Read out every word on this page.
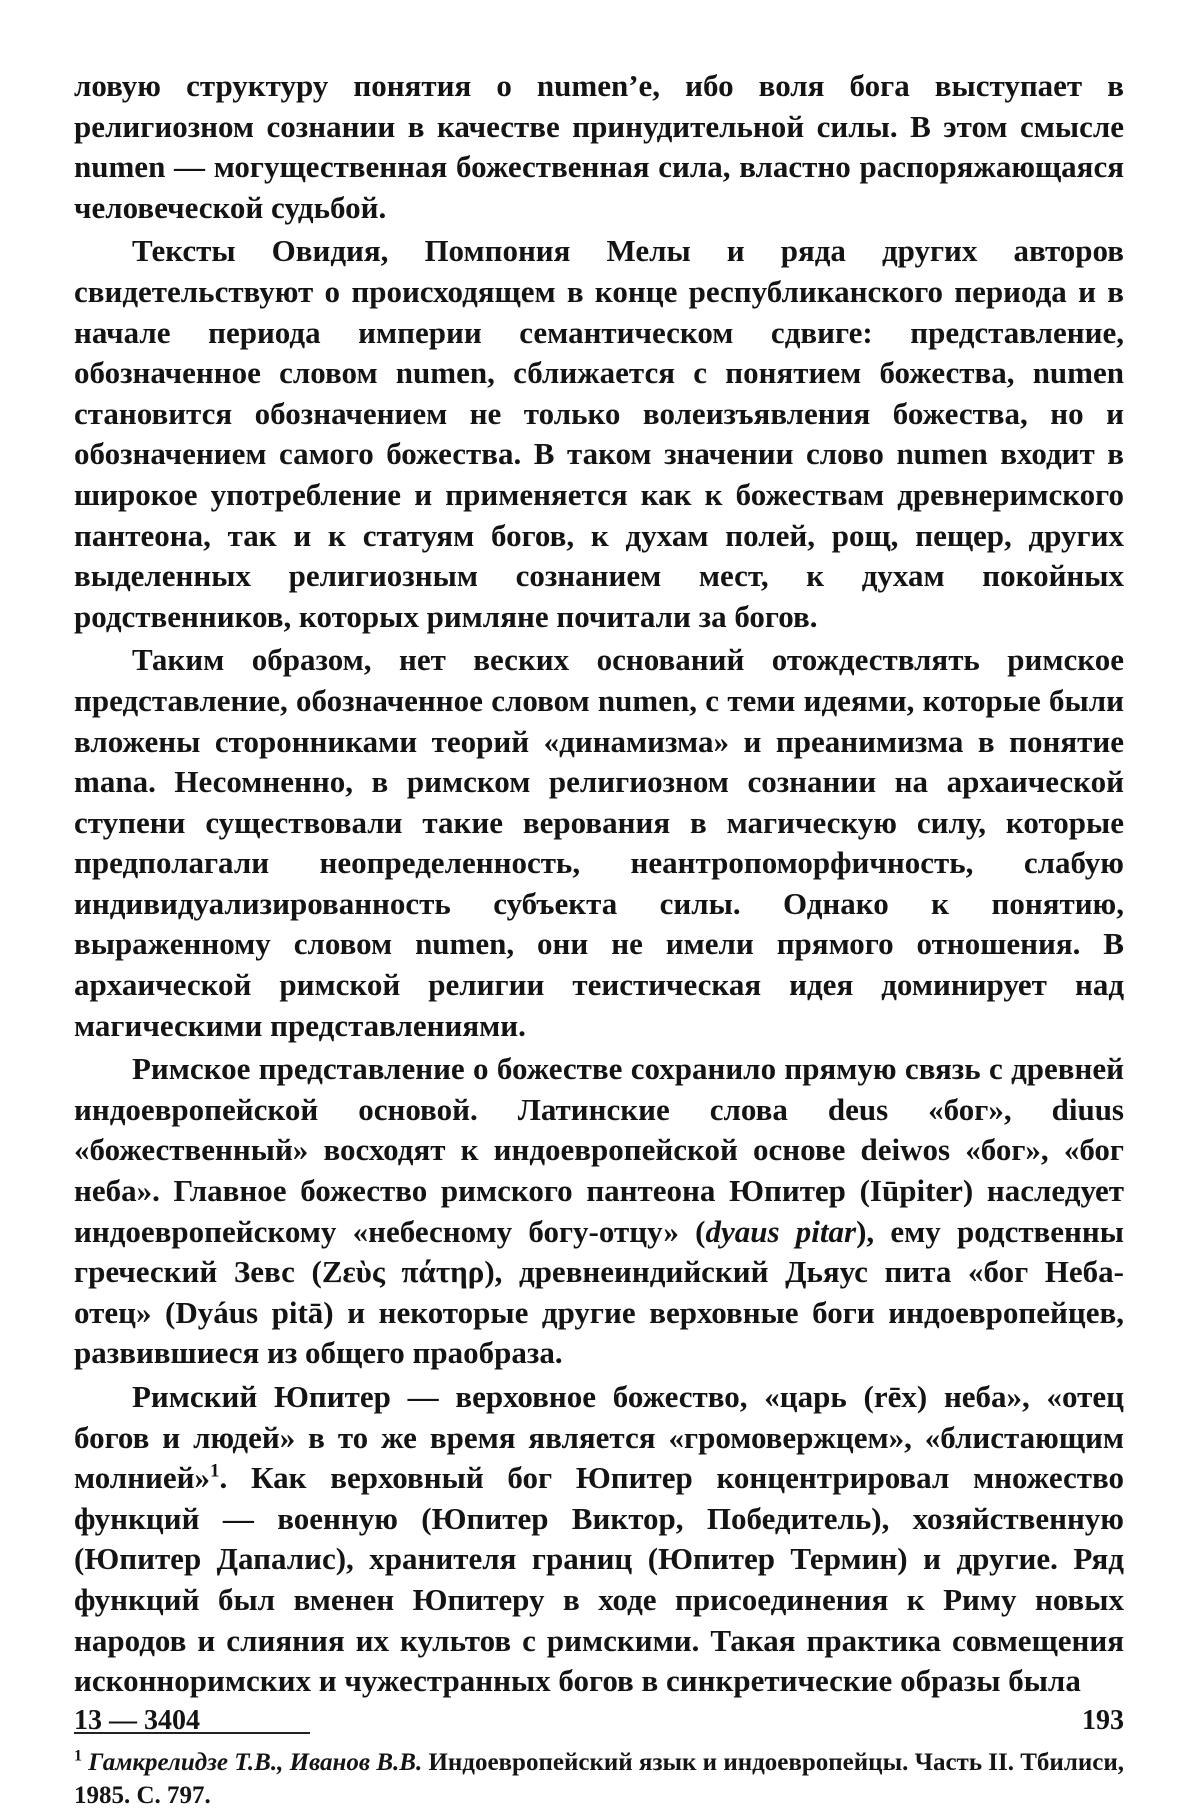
ловую структуру понятия о numen’е, ибо воля бога выступает в религиозном сознании в качестве принудительной силы. В этом смысле numen — могущественная божественная сила, властно распоряжающаяся человеческой судьбой.

Тексты Овидия, Помпония Мелы и ряда других авторов свидетельствуют о происходящем в конце республиканского периода и в начале периода империи семантическом сдвиге: представление, обозначенное словом numen, сближается с понятием божества, numen становится обозначением не только волеизъявления божества, но и обозначением самого божества. В таком значении слово numen входит в широкое употребление и применяется как к божествам древнеримского пантеона, так и к статуям богов, к духам полей, рощ, пещер, других выделенных религиозным сознанием мест, к духам покойных родственников, которых римляне почитали за богов.

Таким образом, нет веских оснований отождествлять римское представление, обозначенное словом numen, с теми идеями, которые были вложены сторонниками теорий «динамизма» и преанимизма в понятие mana. Несомненно, в римском религиозном сознании на архаической ступени существовали такие верования в магическую силу, которые предполагали неопределенность, неантропоморфичность, слабую индивидуализированность субъекта силы. Однако к понятию, выраженному словом numen, они не имели прямого отношения. В архаической римской религии теистическая идея доминирует над магическими представлениями.

Римское представление о божестве сохранило прямую связь с древней индоевропейской основой. Латинские слова deus «бог», diuus «божественный» восходят к индоевропейской основе deiwos «бог», «бог неба». Главное божество римского пантеона Юпитер (Iūpiter) наследует индоевропейскому «небесному богу-отцу» (dyaus pitar), ему родственны греческий Зевс (Ζεὺς πάτηρ), древнеиндийский Дьяус пита «бог Неба-отец» (Dyáus pitā) и некоторые другие верховные боги индоевропейцев, развившиеся из общего праобраза.

Римский Юпитер — верховное божество, «царь (rēx) неба», «отец богов и людей» в то же время является «громовержцем», «блистающим молнией»$^1$. Как верховный бог Юпитер концентрировал множество функций — военную (Юпитер Виктор, Победитель), хозяйственную (Юпитер Дапалис), хранителя границ (Юпитер Термин) и другие. Ряд функций был вменен Юпитеру в ходе присоединения к Риму новых народов и слияния их культов с римскими. Такая практика совмещения исконноримских и чужестранных богов в синкретические образы была

$^1$ Гамкрелидзе Т.В., Иванов В.В. Индоевропейский язык и индоевропейцы. Часть II. Тбилиси, 1985. С. 797.
13 — 3404	193
